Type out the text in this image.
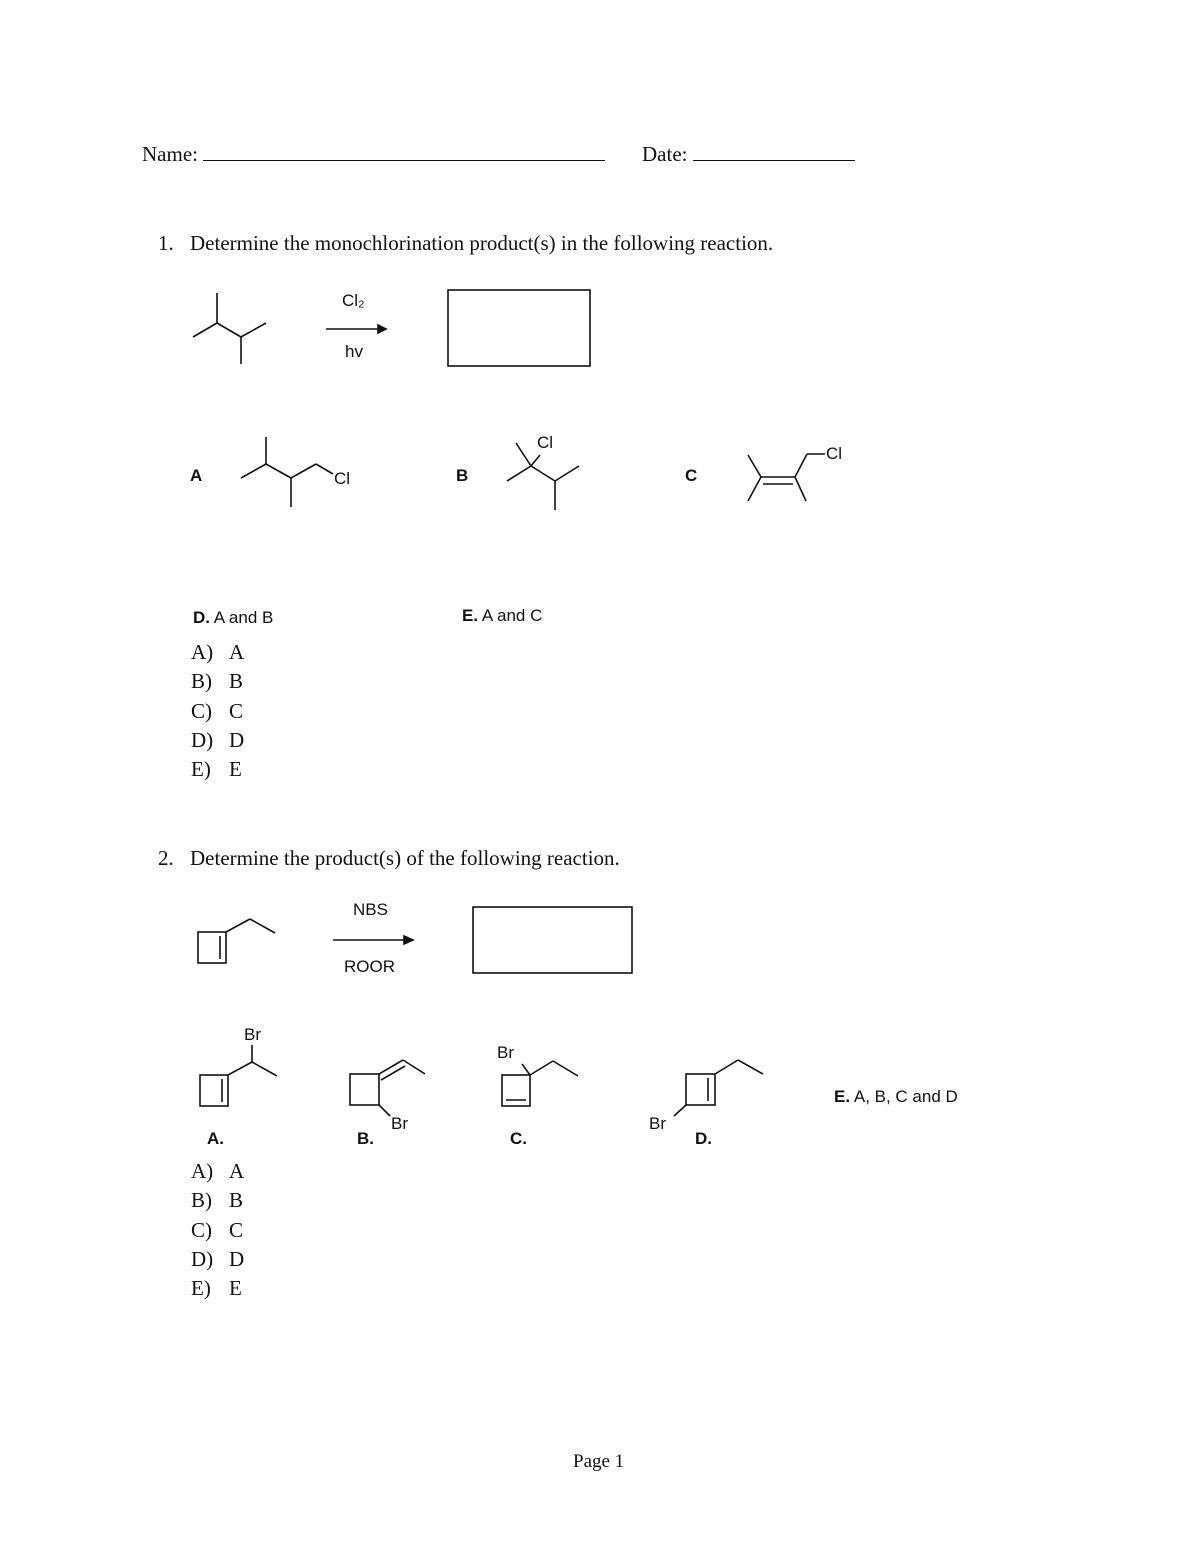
Name:	Date:
1. Determine the monochlorination product(s) in the following reaction.
Cl₂
hv
A	B	C
Cl
Cl
Cl
D. A and B	E. A and C
A) A
B) B
C) C
D) D
E) E
2. Determine the product(s) of the following reaction.
NBS
ROOR
Br
Br
Br
Br
A.	B.	C.	D.
E. A, B, C and D
A) A
B) B
C) C
D) D
E) E
Page 1
